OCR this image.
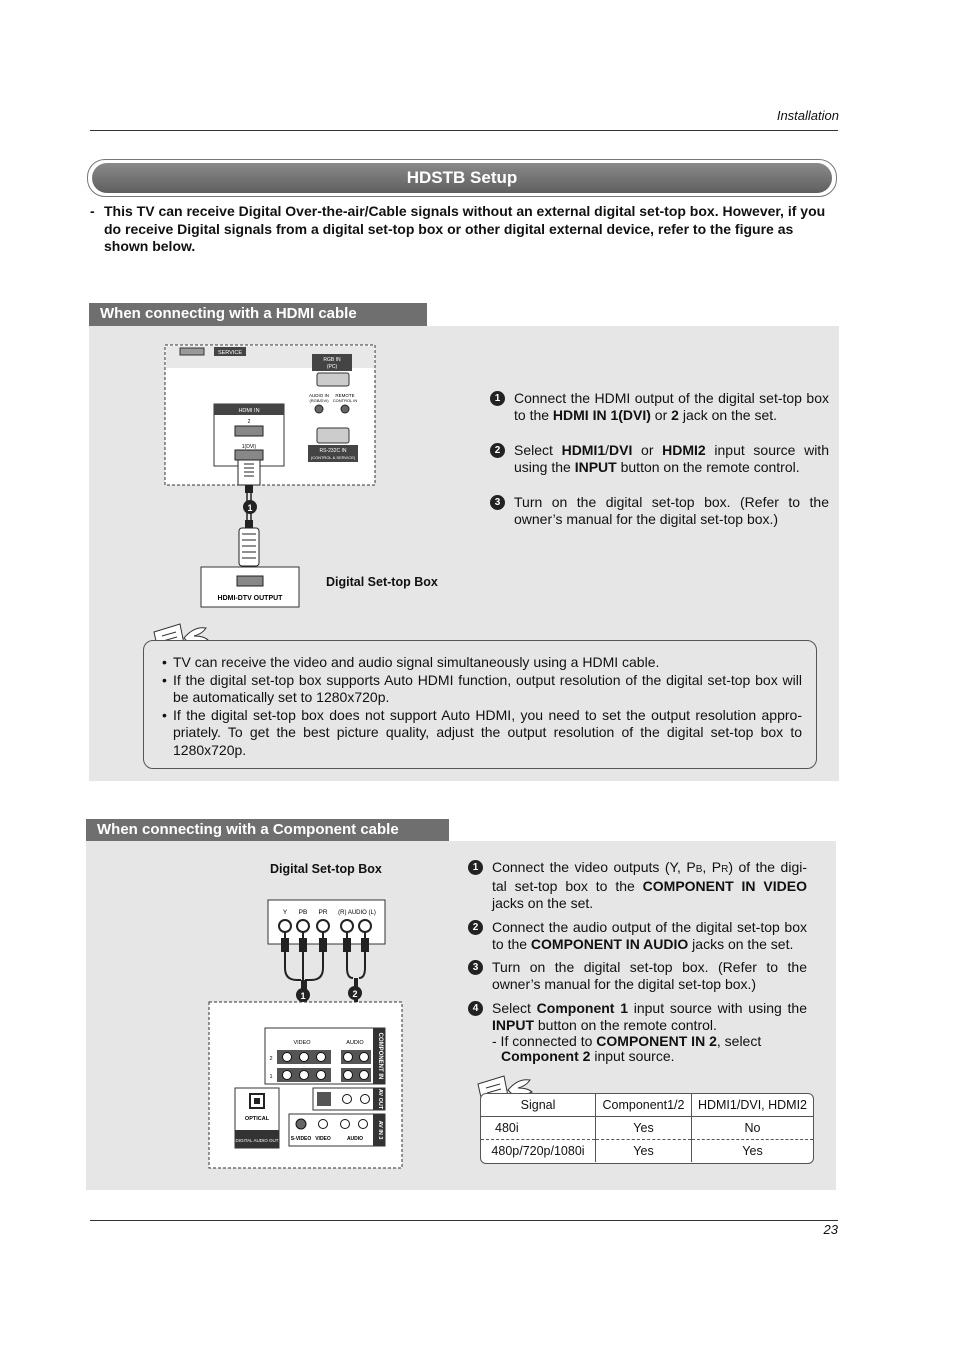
Installation
HDSTB Setup
- This TV can receive Digital Over-the-air/Cable signals without an external digital set-top box. However, if you do receive Digital signals from a digital set-top box or other digital external device, refer to the figure as shown below.
When connecting with a HDMI cable
SERVICE
RGB IN
(PC)
AUDIO IN
(RGB/DVI)
REMOTE
CONTROL IN
RS-232C IN
(CONTROL & SERVICE)
HDMI IN
2
1(DVI)
1
HDMI-DTV OUTPUT
Digital Set-top Box
1 Connect the HDMI output of the digital set-top box to the HDMI IN 1(DVI) or 2 jack on the set.
2 Select HDMI1/DVI or HDMI2 input source with using the INPUT button on the remote control.
3 Turn on the digital set-top box. (Refer to the owner’s manual for the digital set-top box.)
• TV can receive the video and audio signal simultaneously using a HDMI cable.
• If the digital set-top box supports Auto HDMI function, output resolution of the digital set-top box will be automatically set to 1280x720p.
• If the digital set-top box does not support Auto HDMI, you need to set the output resolution appro-priately. To get the best picture quality, adjust the output resolution of the digital set-top box to 1280x720p.
When connecting with a Component cable
Digital Set-top Box
Y PB PR (R) AUDIO (L)
1	2
VIDEO	AUDIO
2
1	COMPONENT IN
AV OUT
OPTICAL
DIGITAL AUDIO OUT S-VIDEO VIDEO	AUDIO	AV IN 3
1 Connect the video outputs (Y, PB, PR) of the digi-tal set-top box to the COMPONENT IN VIDEO jacks on the set.
2 Connect the audio output of the digital set-top box to the COMPONENT IN AUDIO jacks on the set.
3 Turn on the digital set-top box. (Refer to the owner’s manual for the digital set-top box.)
4 Select Component 1 input source with using the INPUT button on the remote control.
- If connected to COMPONENT IN 2, select
Component 2 input source.
Signal	Component1/2	HDMI1/DVI, HDMI2
480i	Yes	No
480p/720p/1080i	Yes	Yes
23
